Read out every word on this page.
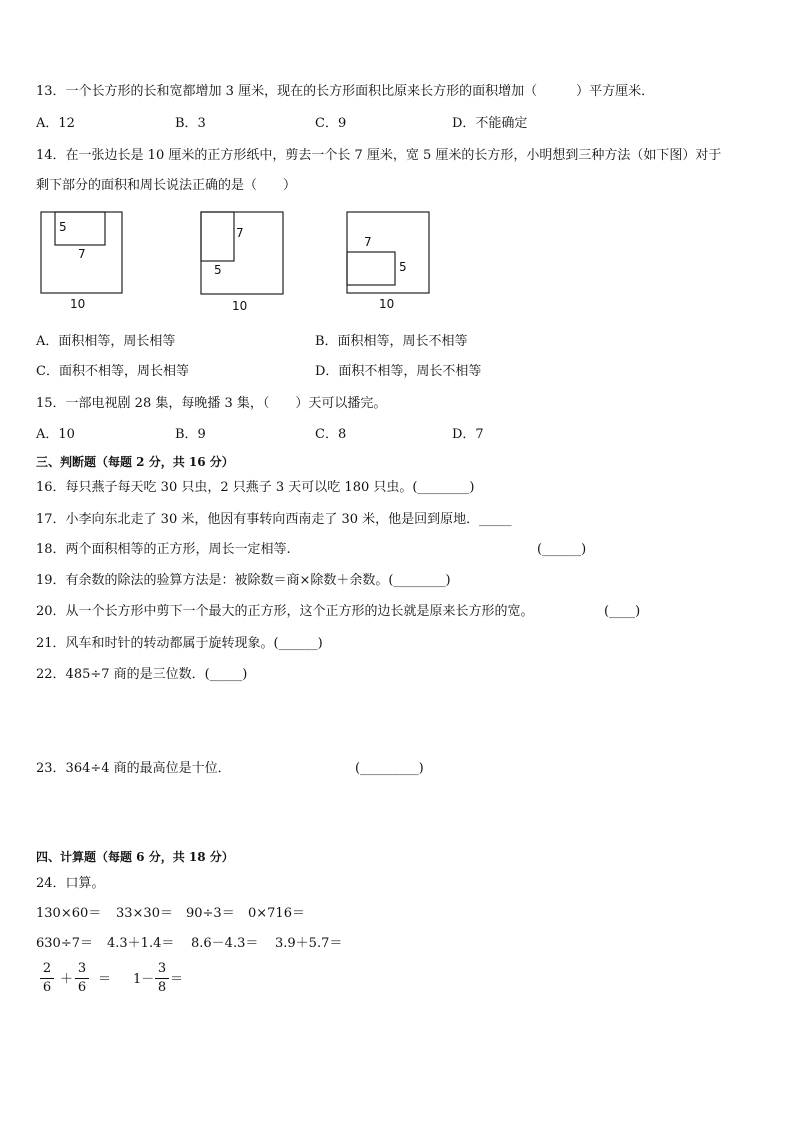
13．一个长方形的长和宽都增加 3 厘米，现在的长方形面积比原来长方形的面积增加（　　　）平方厘米．
A．12	B．3	C．9	D．不能确定
14．在一张边长是 10 厘米的正方形纸中，剪去一个长 7 厘米，宽 5 厘米的长方形，小明想到三种方法（如下图）对于
剩下部分的面积和周长说法正确的是（　　）
5
7
10
7
5
10
7
5
10
A．面积相等，周长相等	B．面积相等，周长不相等
C．面积不相等，周长相等	D．面积不相等，周长不相等
15．一部电视剧 28 集，每晚播 3 集，（　　）天可以播完。
A．10	B．9	C．8	D．7
三、判断题（每题 2 分，共 16 分）
16．每只燕子每天吃 30 只虫，2 只燕子 3 天可以吃 180 只虫。(________)
17．小李向东北走了 30 米，他因有事转向西南走了 30 米，他是回到原地．_____
18．两个面积相等的正方形，周长一定相等.	(______)
19．有余数的除法的验算方法是：被除数＝商×除数＋余数。(________)
20．从一个长方形中剪下一个最大的正方形，这个正方形的边长就是原来长方形的宽。	(____)
21．风车和时针的转动都属于旋转现象。(______)
22．485÷7 商的是三位数．(_____)
23．364÷4 商的最高位是十位．	(_________)
四、计算题（每题 6 分，共 18 分）
24．口算。
130×60＝ 33×30＝ 90÷3＝ 0×716＝
630÷7＝ 4.3＋1.4＝ 8.6－4.3＝ 3.9＋5.7＝
2
6
＋
3
6
＝ 1－
3
8
＝
